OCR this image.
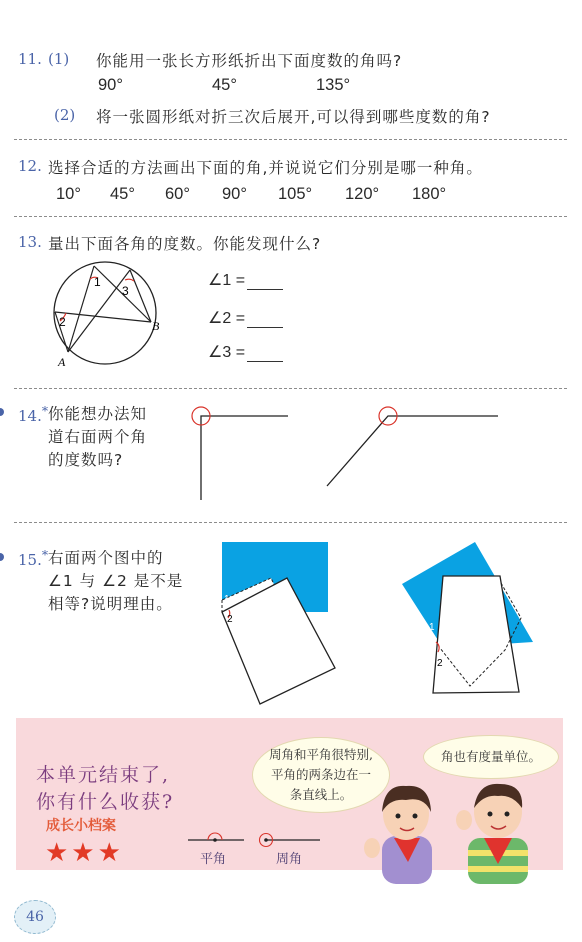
11. (1) 你能用一张长方形纸折出下面度数的角吗?
90°	45°	135°
(2) 将一张圆形纸对折三次后展开,可以得到哪些度数的角?
12. 选择合适的方法画出下面的角,并说说它们分别是哪一种角。
10° 45° 60° 90° 105° 120° 180°
13. 量出下面各角的度数。你能发现什么?
1
3
2	B
A
∠1 =
∠2 =
∠3 =
14.* 你能想办法知
道右面两个角
的度数吗?
15.* 右面两个图中的
∠1 与 ∠2 是不是
相等?说明理由。	1
2
1
2
本单元结束了,
你有什么收获?
成长小档案
★★★	平角	周角
周角和平角很特别,平角的两条边在一条直线上。
角也有度量单位。
46
